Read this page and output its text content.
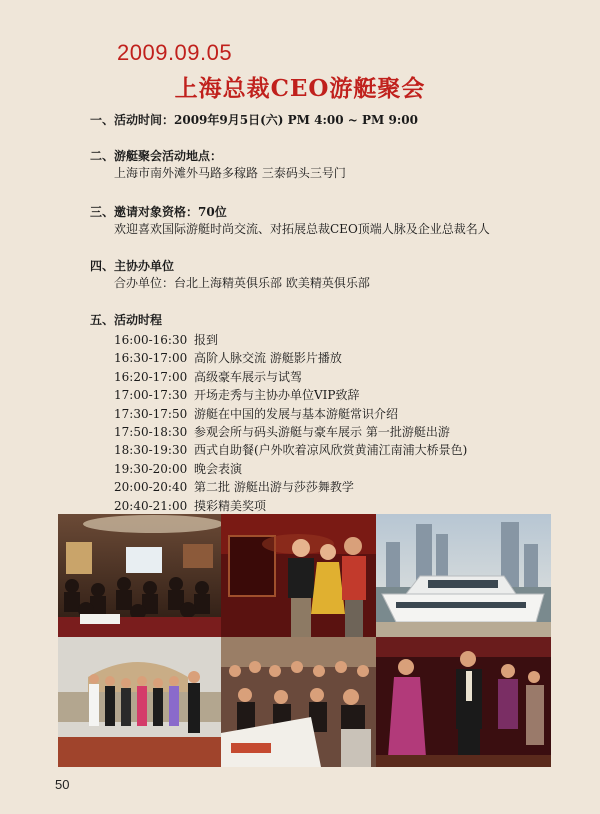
2009.09.05
上海总裁CEO游艇聚会
一、活动时间：2009年9月5日(六) PM 4:00 ~ PM 9:00
二、游艇聚会活动地点：
上海市南外滩外马路多稼路 三泰码头三号门
三、邀请对象资格：70位
欢迎喜欢国际游艇时尚交流、对拓展总裁CEO顶端人脉及企业总裁名人
四、主协办单位
合办单位：台北上海精英俱乐部 欧美精英俱乐部
五、活动时程
16:00-16:30 报到
16:30-17:00 高阶人脉交流 游艇影片播放
16:20-17:00 高级豪车展示与试驾
17:00-17:30 开场走秀与主协办单位VIP致辞
17:30-17:50 游艇在中国的发展与基本游艇常识介绍
17:50-18:30 参观会所与码头游艇与豪车展示 第一批游艇出游
18:30-19:30 西式自助餐(户外吹着凉风欣赏黄浦江南浦大桥景色)
19:30-20:00 晚会表演
20:00-20:40 第二批 游艇出游与莎莎舞教学
20:40-21:00 摸彩精美奖项
50
